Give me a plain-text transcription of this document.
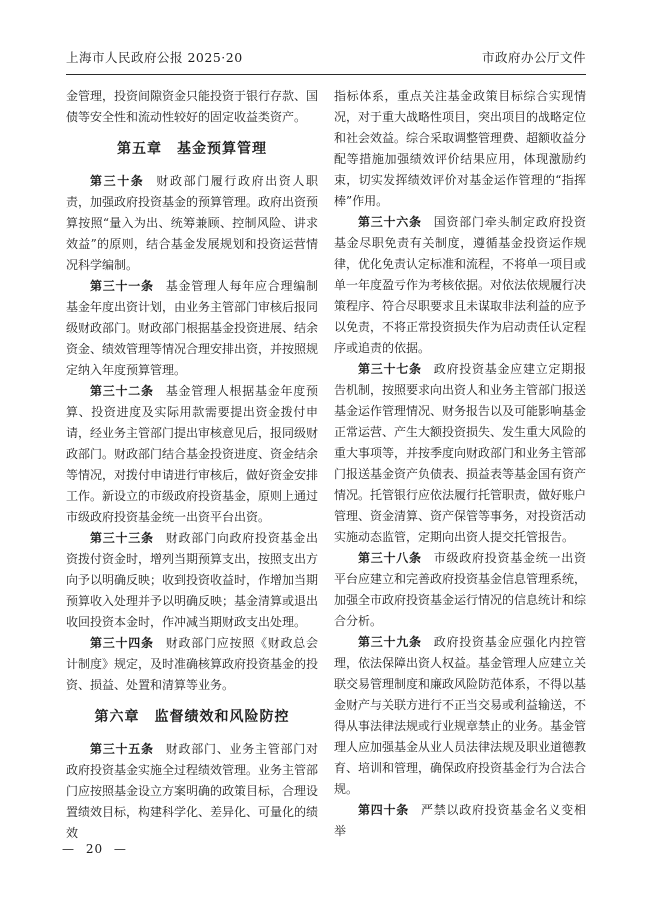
上海市人民政府公报 2025·20	市政府办公厅文件

金管理，投资间隙资金只能投资于银行存款、国债等安全性和流动性较好的固定收益类资产。

第五章　基金预算管理

第三十条 财政部门履行政府出资人职责，加强政府投资基金的预算管理。政府出资预算按照“量入为出、统筹兼顾、控制风险、讲求效益”的原则，结合基金发展规划和投资运营情况科学编制。

第三十一条 基金管理人每年应合理编制基金年度出资计划，由业务主管部门审核后报同级财政部门。财政部门根据基金投资进展、结余资金、绩效管理等情况合理安排出资，并按照规定纳入年度预算管理。

第三十二条 基金管理人根据基金年度预算、投资进度及实际用款需要提出资金拨付申请，经业务主管部门提出审核意见后，报同级财政部门。财政部门结合基金投资进度、资金结余等情况，对拨付申请进行审核后，做好资金安排工作。新设立的市级政府投资基金，原则上通过市级政府投资基金统一出资平台出资。

第三十三条 财政部门向政府投资基金出资拨付资金时，增列当期预算支出，按照支出方向予以明确反映；收到投资收益时，作增加当期预算收入处理并予以明确反映；基金清算或退出收回投资本金时，作冲减当期财政支出处理。

第三十四条 财政部门应按照《财政总会计制度》规定，及时准确核算政府投资基金的投资、损益、处置和清算等业务。

第六章　监督绩效和风险防控

第三十五条 财政部门、业务主管部门对政府投资基金实施全过程绩效管理。业务主管部门应按照基金设立方案明确的政策目标，合理设置绩效目标，构建科学化、差异化、可量化的绩效

指标体系，重点关注基金政策目标综合实现情况，对于重大战略性项目，突出项目的战略定位和社会效益。综合采取调整管理费、超额收益分配等措施加强绩效评价结果应用，体现激励约束，切实发挥绩效评价对基金运作管理的“指挥棒”作用。

第三十六条 国资部门牵头制定政府投资基金尽职免责有关制度，遵循基金投资运作规律，优化免责认定标准和流程，不将单一项目或单一年度盈亏作为考核依据。对依法依规履行决策程序、符合尽职要求且未谋取非法利益的应予以免责，不将正常投资损失作为启动责任认定程序或追责的依据。

第三十七条 政府投资基金应建立定期报告机制，按照要求向出资人和业务主管部门报送基金运作管理情况、财务报告以及可能影响基金正常运营、产生大额投资损失、发生重大风险的重大事项等，并按季度向财政部门和业务主管部门报送基金资产负债表、损益表等基金国有资产情况。托管银行应依法履行托管职责，做好账户管理、资金清算、资产保管等事务，对投资活动实施动态监管，定期向出资人提交托管报告。

第三十八条 市级政府投资基金统一出资平台应建立和完善政府投资基金信息管理系统，加强全市政府投资基金运行情况的信息统计和综合分析。

第三十九条 政府投资基金应强化内控管理，依法保障出资人权益。基金管理人应建立关联交易管理制度和廉政风险防范体系，不得以基金财产与关联方进行不正当交易或利益输送，不得从事法律法规或行业规章禁止的业务。基金管理人应加强基金从业人员法律法规及职业道德教育、培训和管理，确保政府投资基金行为合法合规。

第四十条 严禁以政府投资基金名义变相举

— 20 —
